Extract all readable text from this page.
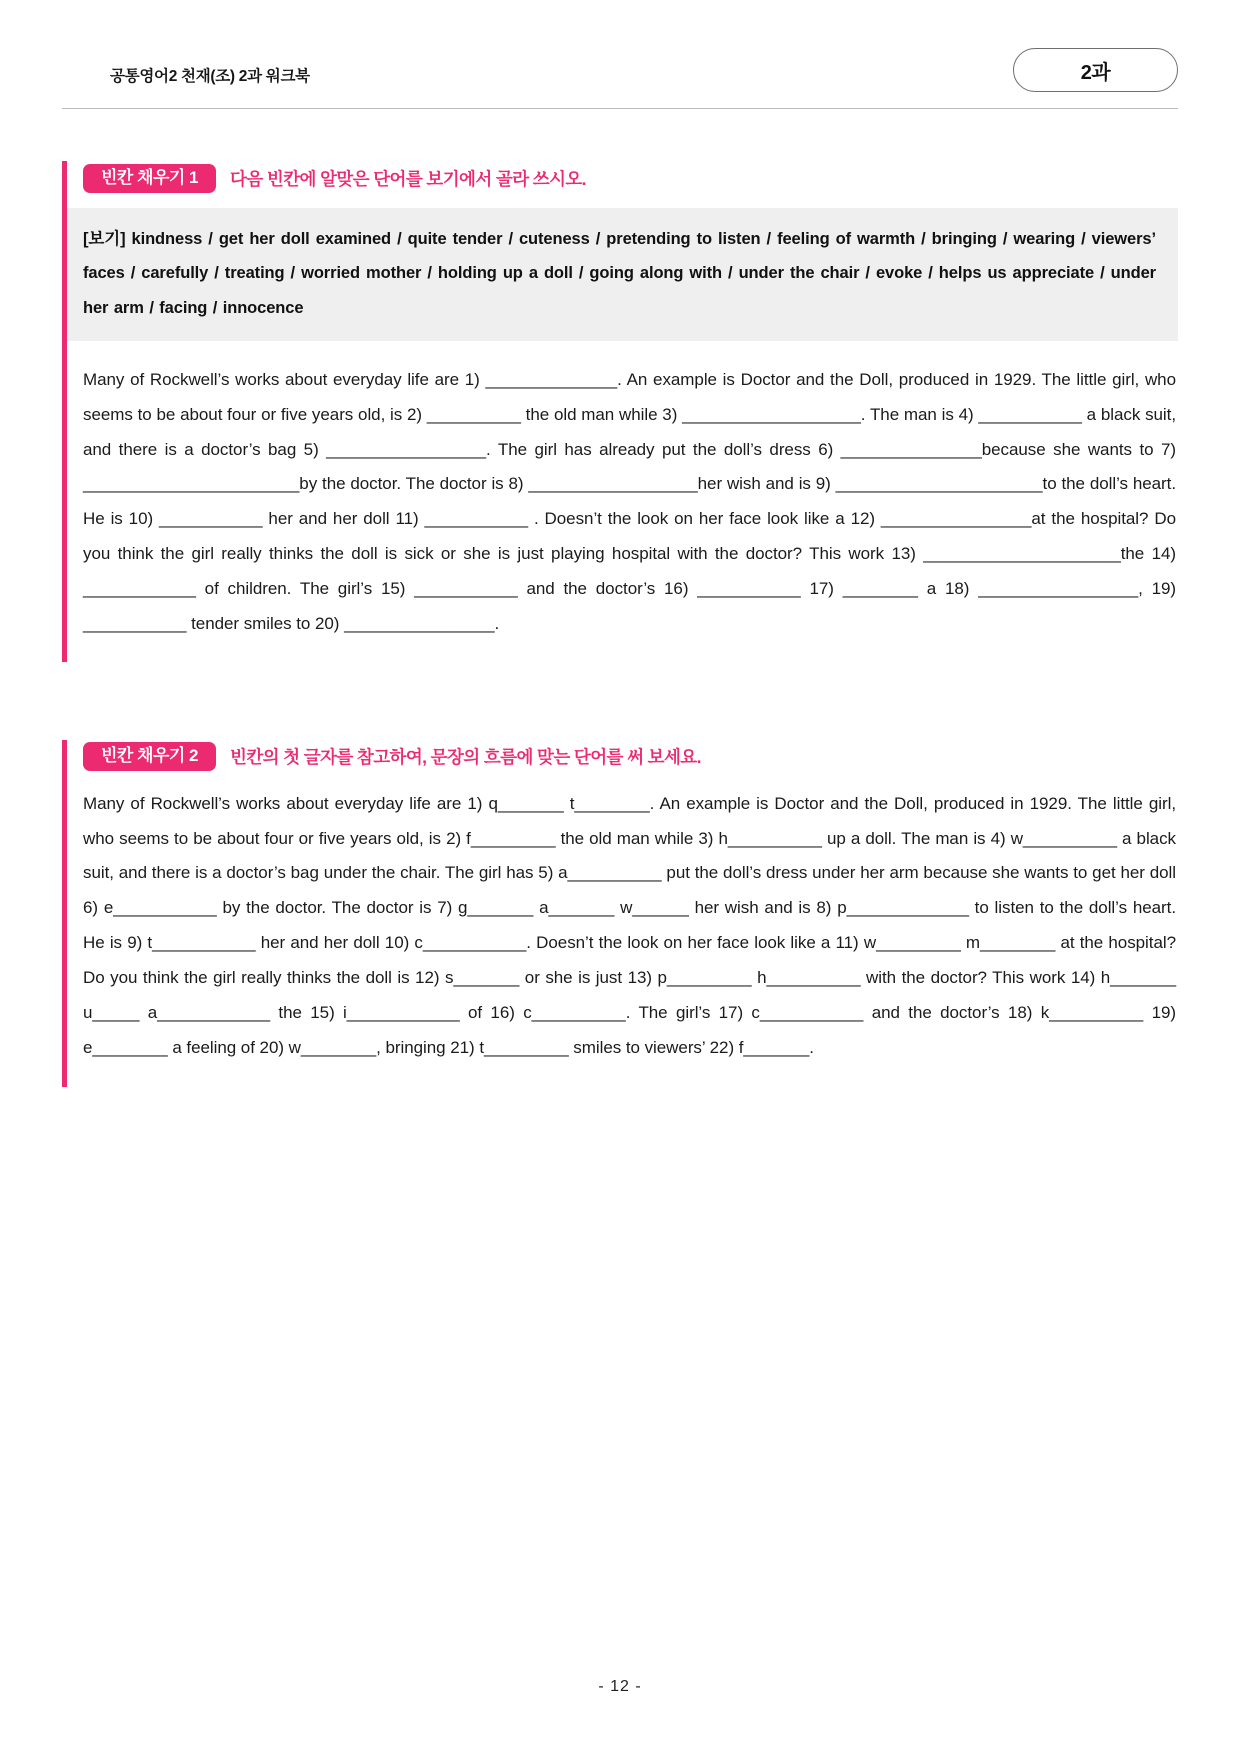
공통영어2 천재(조) 2과 워크북	2과
빈칸 채우기 1	다음 빈칸에 알맞은 단어를 보기에서 골라 쓰시오.
[보기] kindness / get her doll examined / quite tender / cuteness / pretending to listen / feeling of warmth / bringing / wearing / viewers’ faces / carefully / treating / worried mother / holding up a doll / going along with / under the chair / evoke / helps us appreciate / under her arm / facing / innocence
Many of Rockwell’s works about everyday life are 1) ______________. An example is Doctor and the Doll, produced in 1929. The little girl, who seems to be about four or five years old, is 2) __________ the old man while 3) ___________________. The man is 4) ___________ a black suit, and there is a doctor’s bag 5) _________________. The girl has already put the doll’s dress 6) _______________because she wants to 7) _______________________by the doctor. The doctor is 8) __________________her wish and is 9) ______________________to the doll’s heart. He is 10) ___________ her and her doll 11) ___________ . Doesn’t the look on her face look like a 12) ________________at the hospital? Do you think the girl really thinks the doll is sick or she is just playing hospital with the doctor? This work 13) _____________________the 14) ____________ of children. The girl’s 15) ___________ and the doctor’s 16) ___________ 17) ________ a 18) _________________, 19) ___________ tender smiles to 20) ________________.
빈칸 채우기 2	빈칸의 첫 글자를 참고하여, 문장의 흐름에 맞는 단어를 써 보세요.
Many of Rockwell’s works about everyday life are 1) q_______ t________. An example is Doctor and the Doll, produced in 1929. The little girl, who seems to be about four or five years old, is 2) f_________ the old man while 3) h__________ up a doll. The man is 4) w__________ a black suit, and there is a doctor’s bag under the chair. The girl has 5) a__________ put the doll’s dress under her arm because she wants to get her doll 6) e___________ by the doctor. The doctor is 7) g_______ a_______ w______ her wish and is 8) p_____________ to listen to the doll’s heart. He is 9) t___________ her and her doll 10) c___________. Doesn’t the look on her face look like a 11) w_________ m________ at the hospital? Do you think the girl really thinks the doll is 12) s_______ or she is just 13) p_________ h__________ with the doctor? This work 14) h_______ u_____ a____________ the 15) i____________ of 16) c__________. The girl’s 17) c___________ and the doctor’s 18) k__________ 19) e________ a feeling of 20) w________, bringing 21) t_________ smiles to viewers’ 22) f_______.
- 12 -
